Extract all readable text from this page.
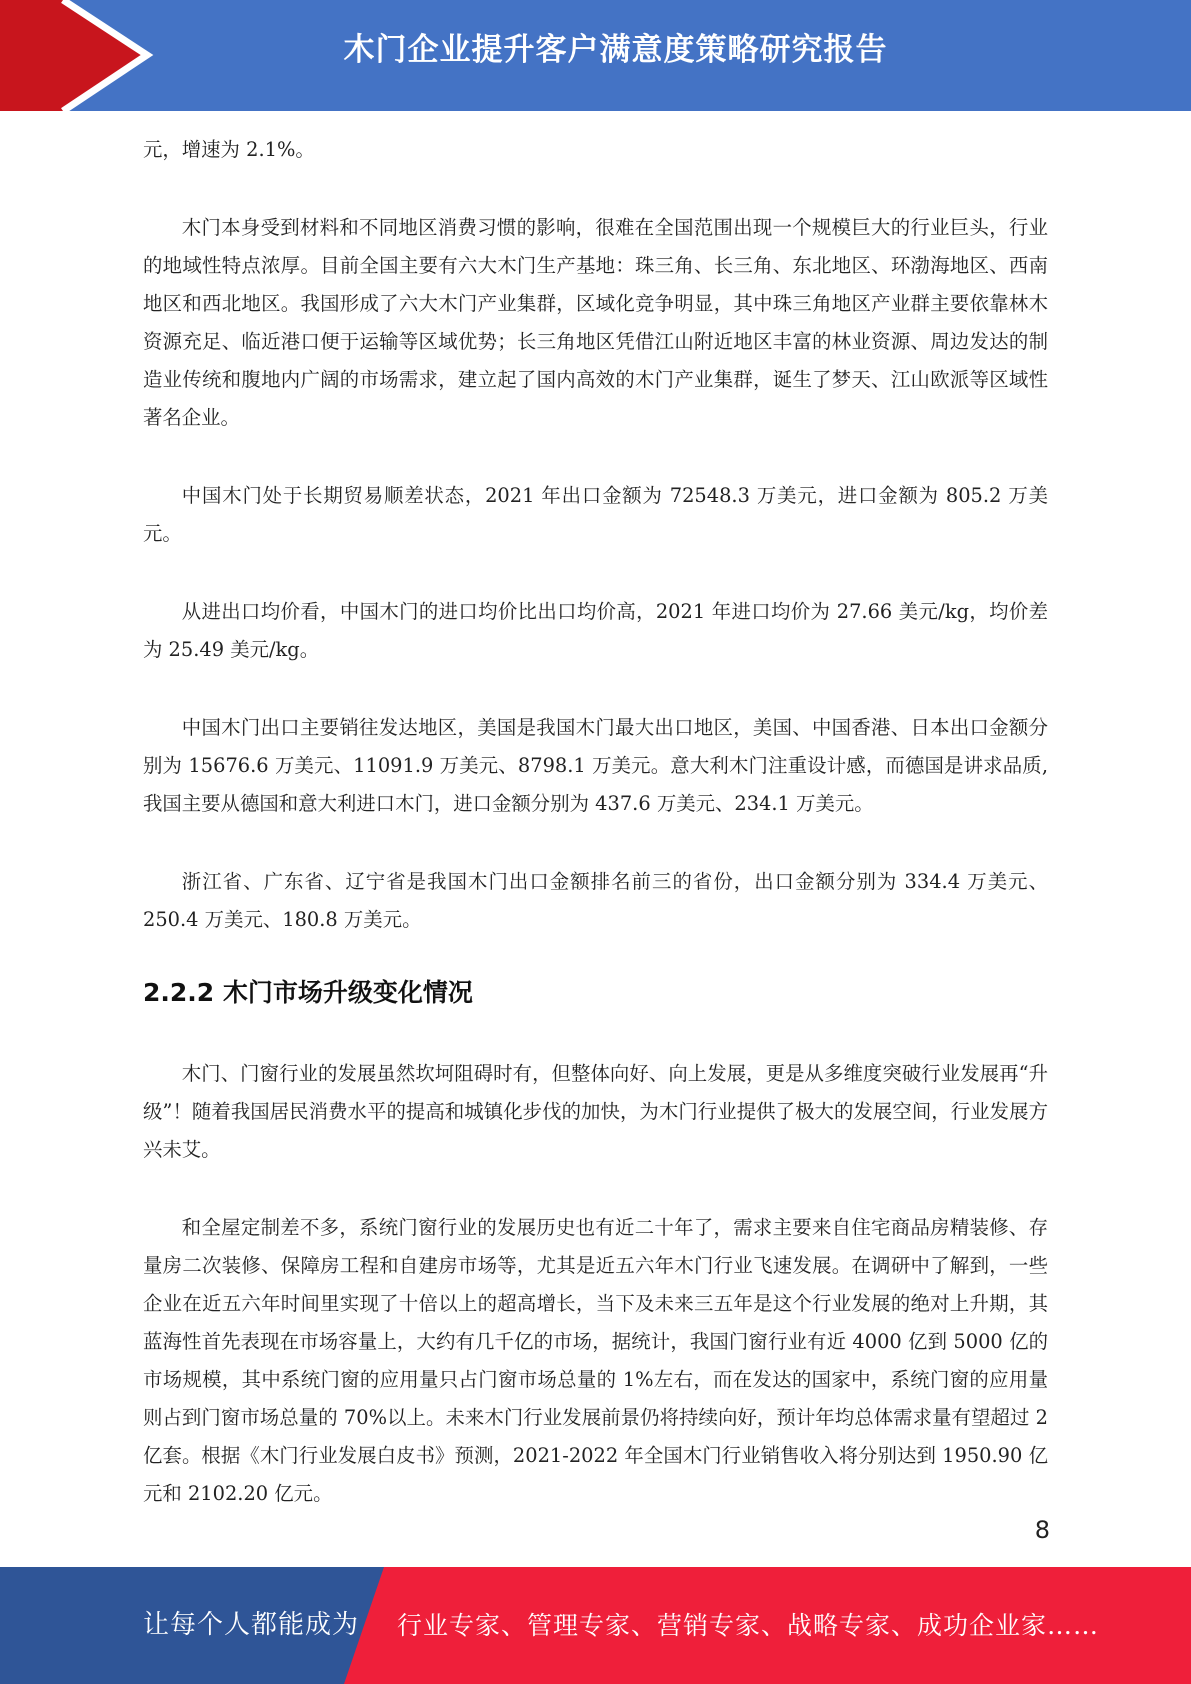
木门企业提升客户满意度策略研究报告

元，增速为 2.1%。

木门本身受到材料和不同地区消费习惯的影响，很难在全国范围出现一个规模巨大的行业巨头，行业的地域性特点浓厚。目前全国主要有六大木门生产基地：珠三角、长三角、东北地区、环渤海地区、西南地区和西北地区。我国形成了六大木门产业集群，区域化竞争明显，其中珠三角地区产业群主要依靠林木资源充足、临近港口便于运输等区域优势；长三角地区凭借江山附近地区丰富的林业资源、周边发达的制造业传统和腹地内广阔的市场需求，建立起了国内高效的木门产业集群，诞生了梦天、江山欧派等区域性著名企业。

中国木门处于长期贸易顺差状态，2021 年出口金额为 72548.3 万美元，进口金额为 805.2 万美元。

从进出口均价看，中国木门的进口均价比出口均价高，2021 年进口均价为 27.66 美元/kg，均价差为 25.49 美元/kg。

中国木门出口主要销往发达地区，美国是我国木门最大出口地区，美国、中国香港、日本出口金额分别为 15676.6 万美元、11091.9 万美元、8798.1 万美元。意大利木门注重设计感，而德国是讲求品质,我国主要从德国和意大利进口木门，进口金额分别为 437.6 万美元、234.1 万美元。

浙江省、广东省、辽宁省是我国木门出口金额排名前三的省份，出口金额分别为 334.4 万美元、250.4 万美元、180.8 万美元。

2.2.2 木门市场升级变化情况

木门、门窗行业的发展虽然坎坷阻碍时有，但整体向好、向上发展，更是从多维度突破行业发展再“升级”！随着我国居民消费水平的提高和城镇化步伐的加快，为木门行业提供了极大的发展空间，行业发展方兴未艾。

和全屋定制差不多，系统门窗行业的发展历史也有近二十年了，需求主要来自住宅商品房精装修、存量房二次装修、保障房工程和自建房市场等，尤其是近五六年木门行业飞速发展。在调研中了解到，一些企业在近五六年时间里实现了十倍以上的超高增长，当下及未来三五年是这个行业发展的绝对上升期，其蓝海性首先表现在市场容量上，大约有几千亿的市场，据统计，我国门窗行业有近 4000 亿到 5000 亿的市场规模，其中系统门窗的应用量只占门窗市场总量的 1%左右，而在发达的国家中，系统门窗的应用量则占到门窗市场总量的 70%以上。未来木门行业发展前景仍将持续向好，预计年均总体需求量有望超过 2 亿套。根据《木门行业发展白皮书》预测，2021-2022 年全国木门行业销售收入将分别达到 1950.90 亿元和 2102.20 亿元。

8
让每个人都能成为 行业专家、管理专家、营销专家、战略专家、成功企业家……
